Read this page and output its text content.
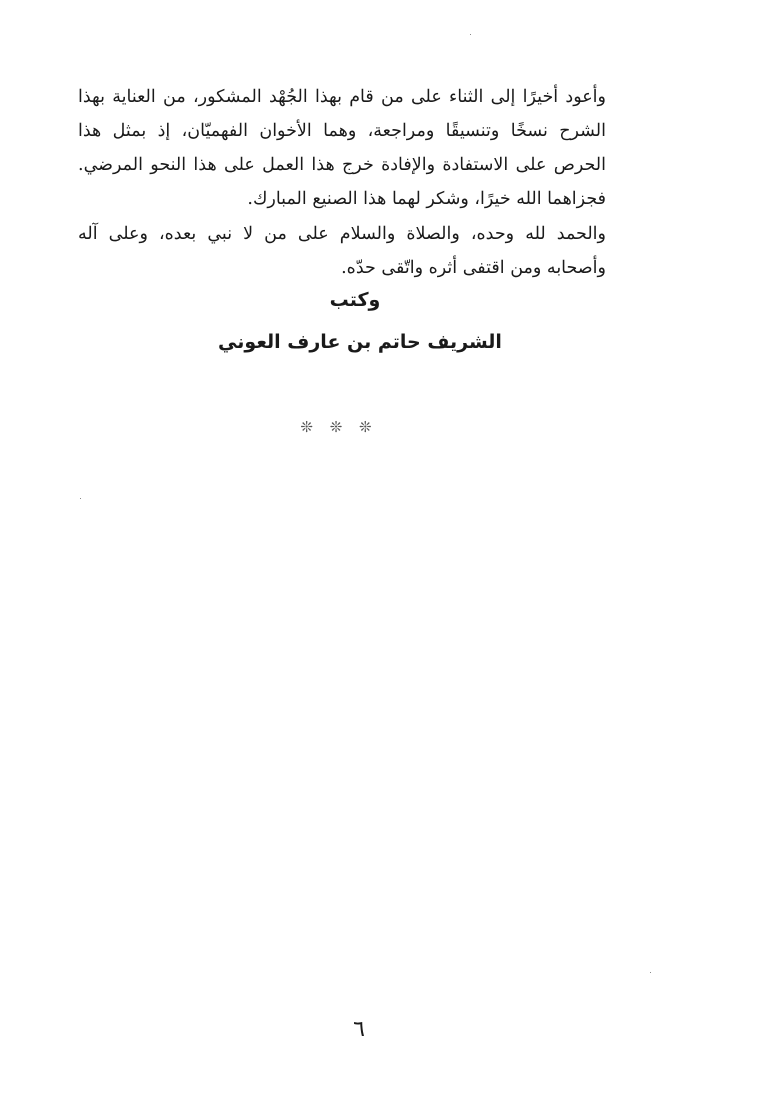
وأعود أخيرًا إلى الثناء على من قام بهذا الجُهْد المشكور، من العناية بهذا الشرح نسخًا وتنسيقًا ومراجعة، وهما الأخوان الفهميّان، إذ بمثل هذا الحرص على الاستفادة والإفادة خرج هذا العمل على هذا النحو المرضي. فجزاهما الله خيرًا، وشكر لهما هذا الصنيع المبارك.

والحمد لله وحده، والصلاة والسلام على من لا نبي بعده، وعلى آله وأصحابه ومن اقتفى أثره واتّقى حدّه.

وكتب

الشريف حاتم بن عارف العوني

❊ ❊ ❊

٦
